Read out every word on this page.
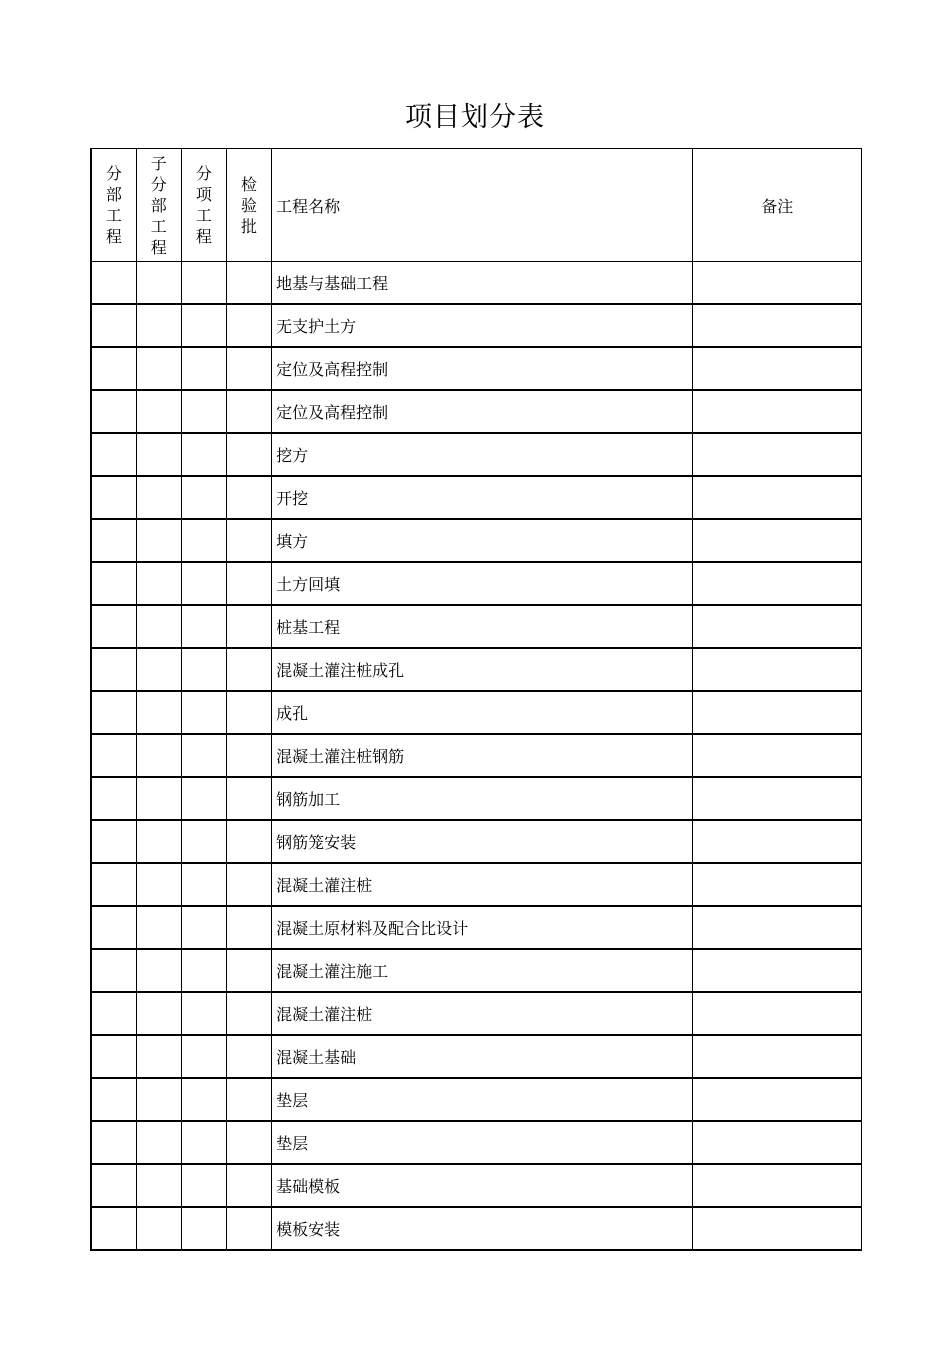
项目划分表
分
部
工
程	子
分
部
工
程	分
项
工
程	检
验
批	工程名称	备注
				地基与基础工程	
				无支护土方	
				定位及高程控制	
				定位及高程控制	
				挖方	
				开挖	
				填方	
				土方回填	
				桩基工程	
				混凝土灌注桩成孔	
				成孔	
				混凝土灌注桩钢筋	
				钢筋加工	
				钢筋笼安装	
				混凝土灌注桩	
				混凝土原材料及配合比设计	
				混凝土灌注施工	
				混凝土灌注桩	
				混凝土基础	
				垫层	
				垫层	
				基础模板	
				模板安装	
